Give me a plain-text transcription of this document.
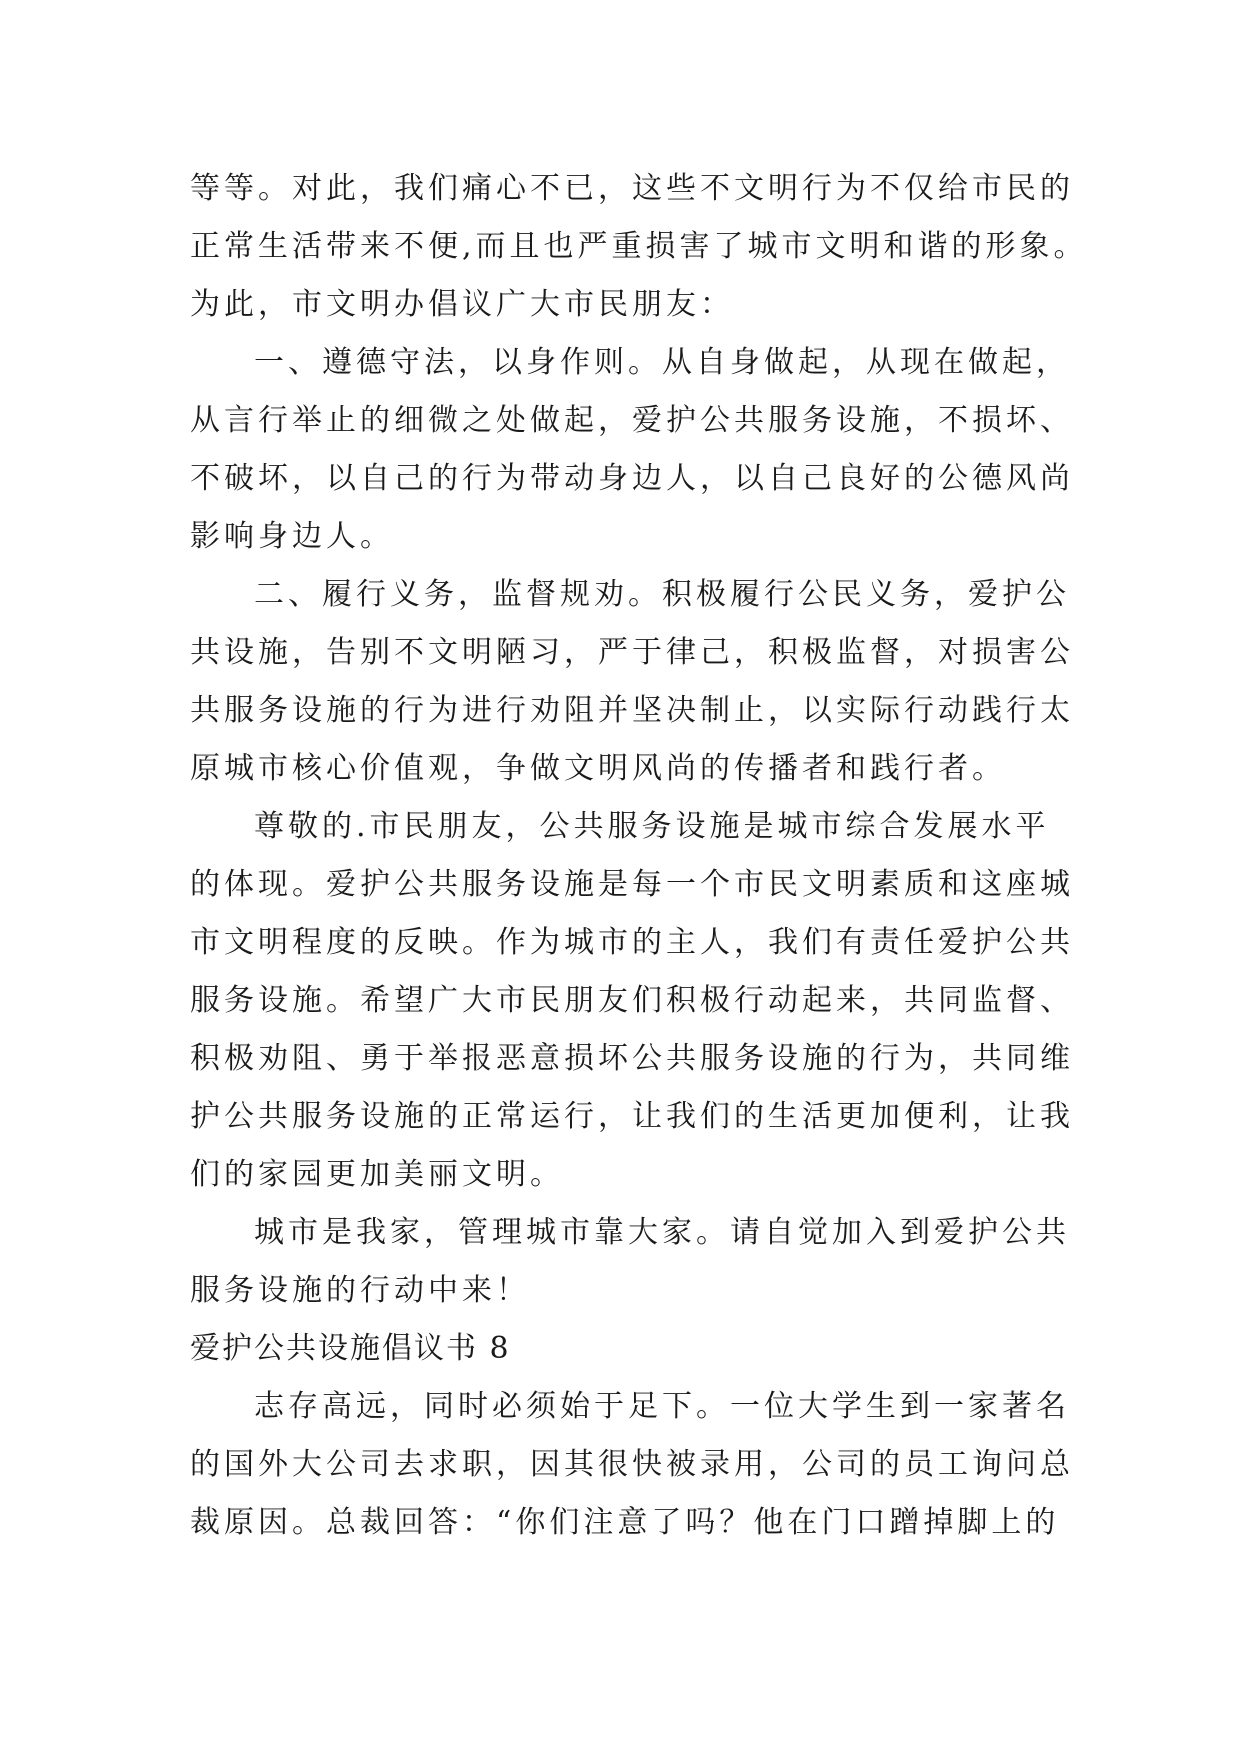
等等。对此，我们痛心不已，这些不文明行为不仅给市民的
正常生活带来不便,而且也严重损害了城市文明和谐的形象。
为此，市文明办倡议广大市民朋友：
一、遵德守法，以身作则。从自身做起，从现在做起，
从言行举止的细微之处做起，爱护公共服务设施，不损坏、
不破坏，以自己的行为带动身边人，以自己良好的公德风尚
影响身边人。
二、履行义务，监督规劝。积极履行公民义务，爱护公
共设施，告别不文明陋习，严于律己，积极监督，对损害公
共服务设施的行为进行劝阻并坚决制止，以实际行动践行太
原城市核心价值观，争做文明风尚的传播者和践行者。
尊敬的.市民朋友，公共服务设施是城市综合发展水平
的体现。爱护公共服务设施是每一个市民文明素质和这座城
市文明程度的反映。作为城市的主人，我们有责任爱护公共
服务设施。希望广大市民朋友们积极行动起来，共同监督、
积极劝阻、勇于举报恶意损坏公共服务设施的行为，共同维
护公共服务设施的正常运行，让我们的生活更加便利，让我
们的家园更加美丽文明。
城市是我家，管理城市靠大家。请自觉加入到爱护公共
服务设施的行动中来！
爱护公共设施倡议书 8
志存高远，同时必须始于足下。一位大学生到一家著名
的国外大公司去求职，因其很快被录用，公司的员工询问总
裁原因。总裁回答：“你们注意了吗？他在门口蹭掉脚上的
